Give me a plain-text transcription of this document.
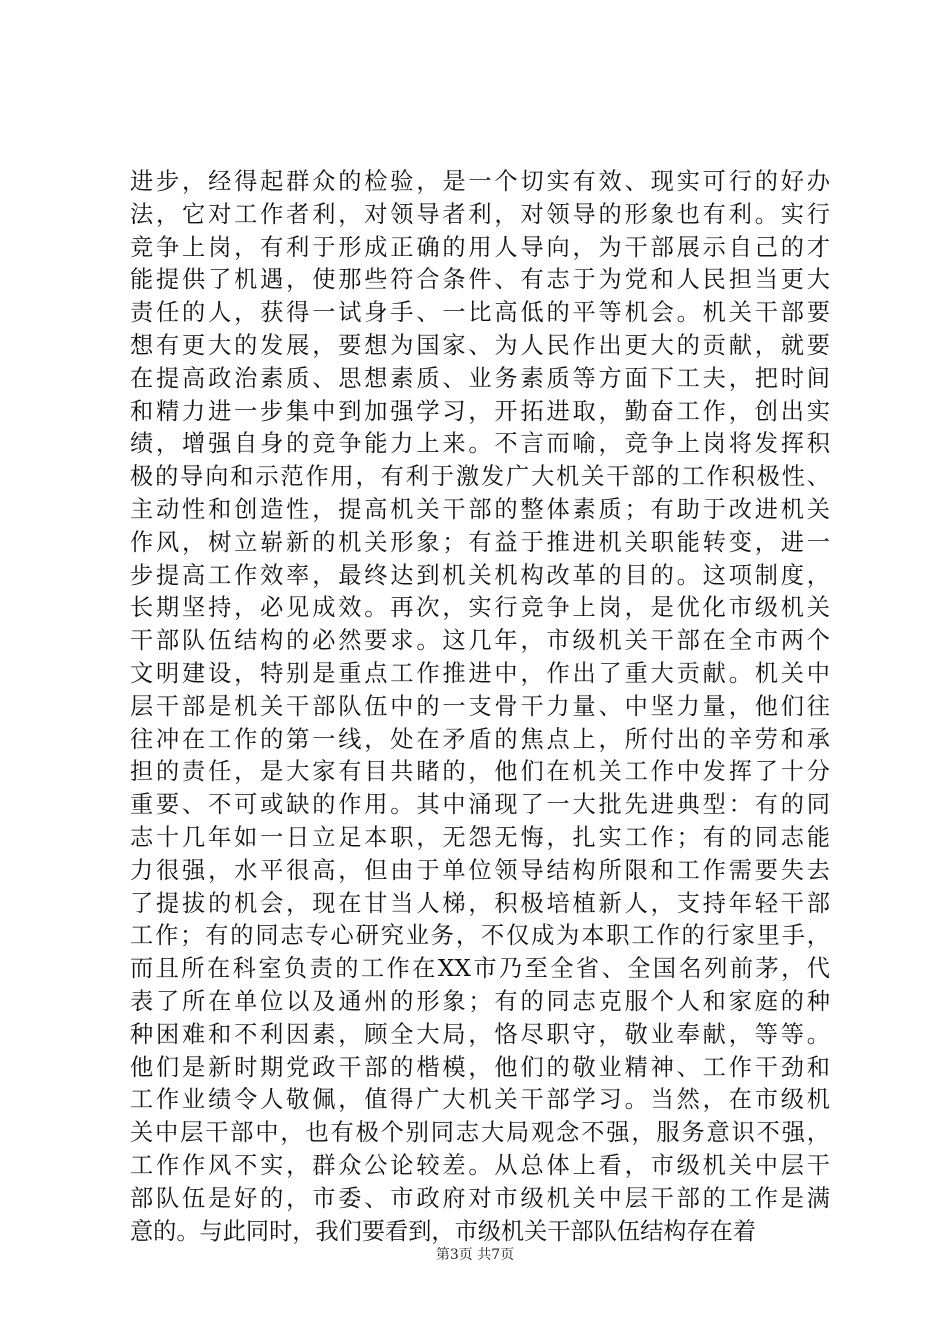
进步，经得起群众的检验，是一个切实有效、现实可行的好办
法，它对工作者利，对领导者利，对领导的形象也有利。实行
竞争上岗，有利于形成正确的用人导向，为干部展示自己的才
能提供了机遇，使那些符合条件、有志于为党和人民担当更大
责任的人，获得一试身手、一比高低的平等机会。机关干部要
想有更大的发展，要想为国家、为人民作出更大的贡献，就要
在提高政治素质、思想素质、业务素质等方面下工夫，把时间
和精力进一步集中到加强学习，开拓进取，勤奋工作，创出实
绩，增强自身的竞争能力上来。不言而喻，竞争上岗将发挥积
极的导向和示范作用，有利于激发广大机关干部的工作积极性、
主动性和创造性，提高机关干部的整体素质；有助于改进机关
作风，树立崭新的机关形象；有益于推进机关职能转变，进一
步提高工作效率，最终达到机关机构改革的目的。这项制度，
长期坚持，必见成效。再次，实行竞争上岗，是优化市级机关
干部队伍结构的必然要求。这几年，市级机关干部在全市两个
文明建设，特别是重点工作推进中，作出了重大贡献。机关中
层干部是机关干部队伍中的一支骨干力量、中坚力量，他们往
往冲在工作的第一线，处在矛盾的焦点上，所付出的辛劳和承
担的责任，是大家有目共睹的，他们在机关工作中发挥了十分
重要、不可或缺的作用。其中涌现了一大批先进典型：有的同
志十几年如一日立足本职，无怨无悔，扎实工作；有的同志能
力很强，水平很高，但由于单位领导结构所限和工作需要失去
了提拔的机会，现在甘当人梯，积极培植新人，支持年轻干部
工作；有的同志专心研究业务，不仅成为本职工作的行家里手，
而且所在科室负责的工作在XX市乃至全省、全国名列前茅，代
表了所在单位以及通州的形象；有的同志克服个人和家庭的种
种困难和不利因素，顾全大局，恪尽职守，敬业奉献，等等。
他们是新时期党政干部的楷模，他们的敬业精神、工作干劲和
工作业绩令人敬佩，值得广大机关干部学习。当然，在市级机
关中层干部中，也有极个别同志大局观念不强，服务意识不强，
工作作风不实，群众公论较差。从总体上看，市级机关中层干
部队伍是好的，市委、市政府对市级机关中层干部的工作是满
意的。与此同时，我们要看到，市级机关干部队伍结构存在着
第3页 共7页
